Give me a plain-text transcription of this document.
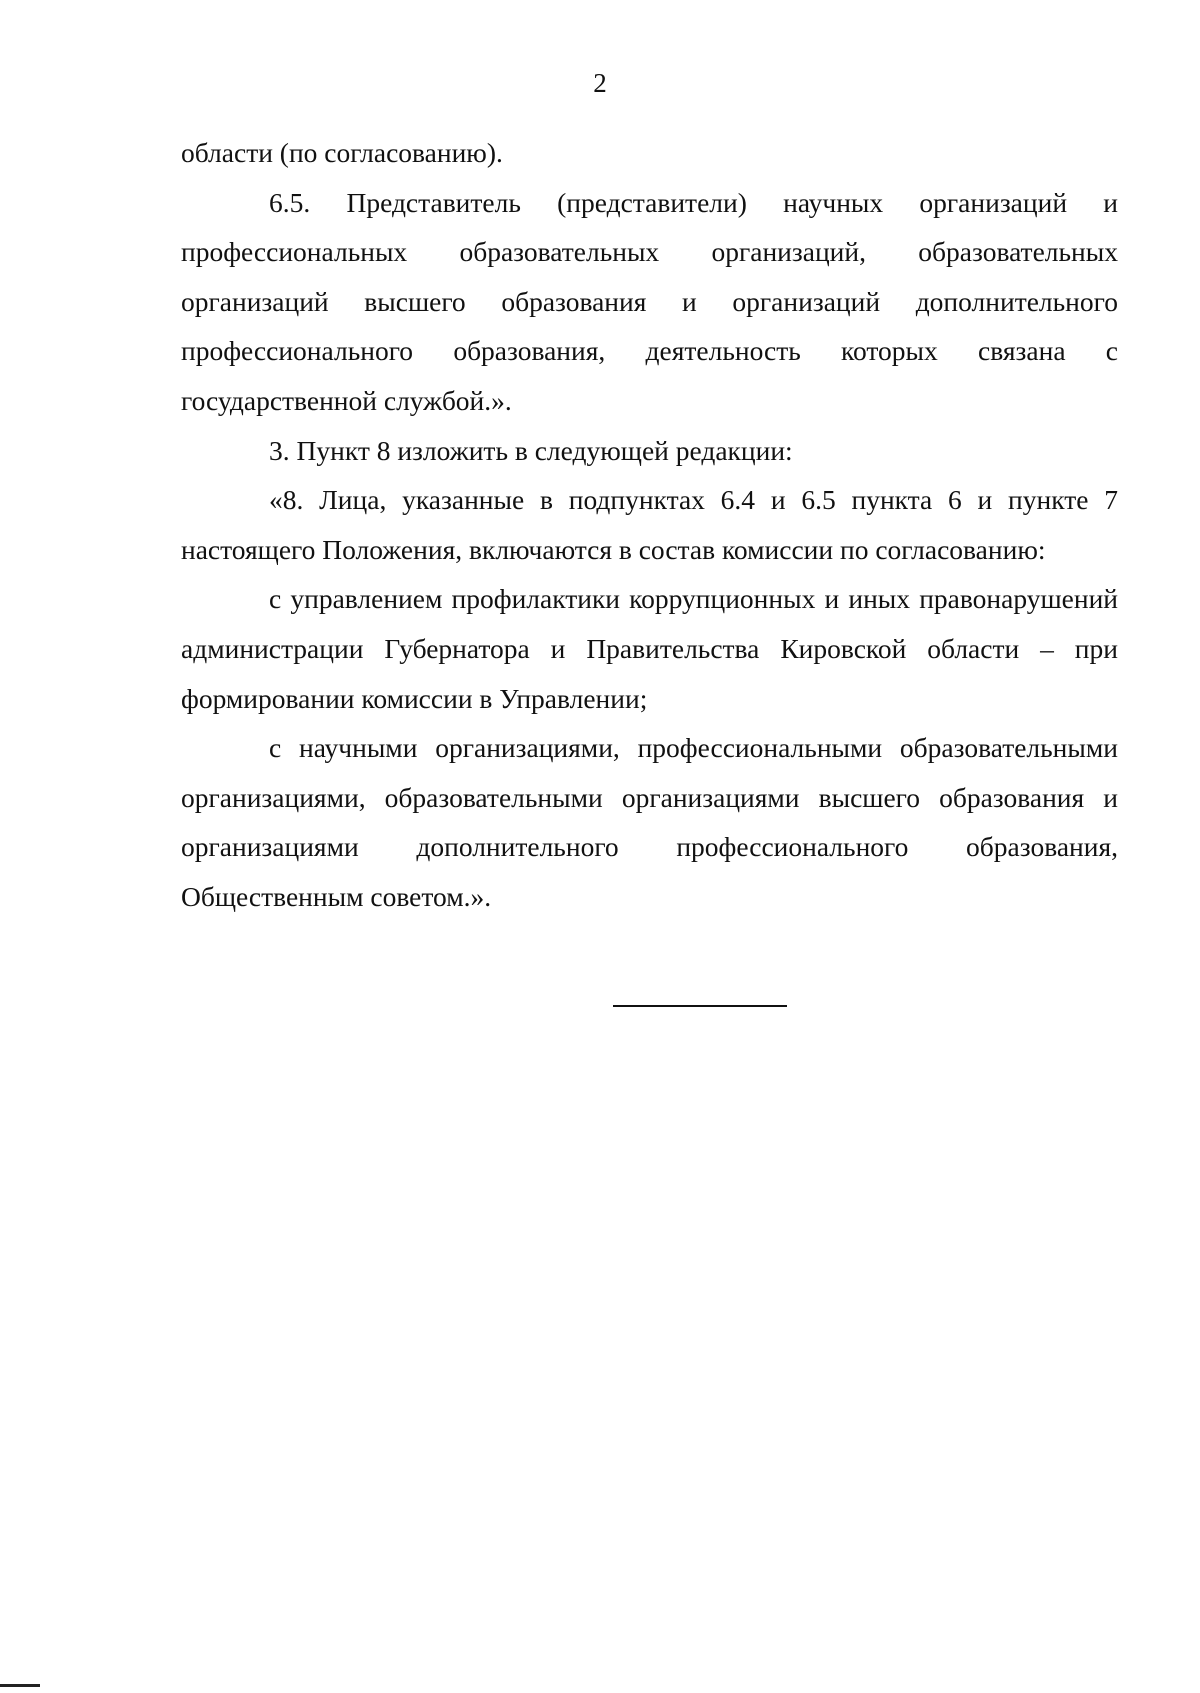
2

области (по согласованию).

6.5. Представитель (представители) научных организаций и профессиональных образовательных организаций, образовательных организаций высшего образования и организаций дополнительного профессионального образования, деятельность которых связана с государственной службой.».

3. Пункт 8 изложить в следующей редакции:

«8. Лица, указанные в подпунктах 6.4 и 6.5 пункта 6 и пункте 7 настоящего Положения, включаются в состав комиссии по согласованию:

с управлением профилактики коррупционных и иных правонарушений администрации Губернатора и Правительства Кировской области – при формировании комиссии в Управлении;

с научными организациями, профессиональными образовательными организациями, образовательными организациями высшего образования и организациями дополнительного профессионального образования, Общественным советом.».
